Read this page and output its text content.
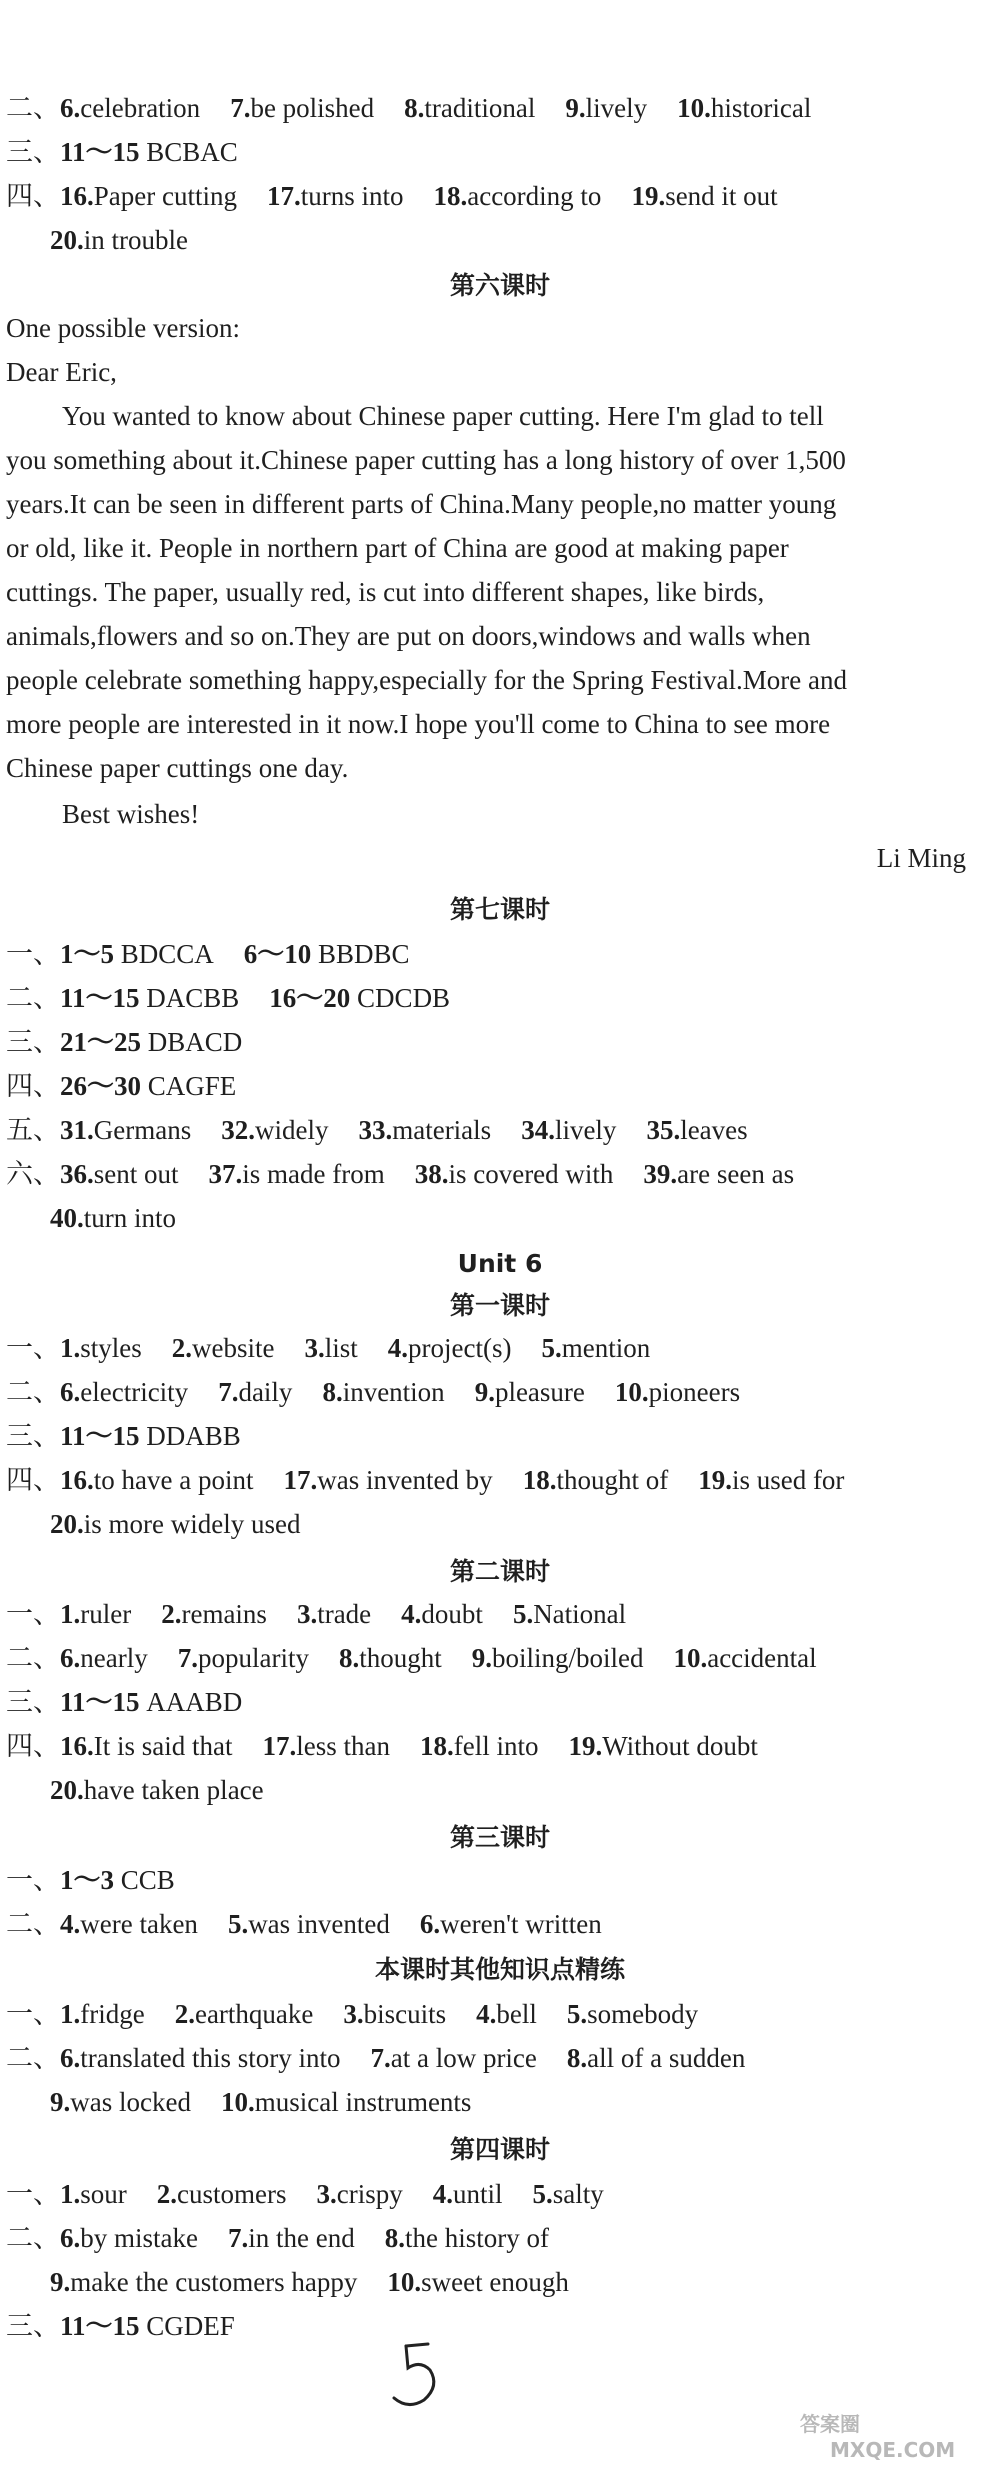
二、6.celebration 7.be polished 8.traditional 9.lively 10.historical
三、11～15 BCBAC
四、16.Paper cutting 17.turns into 18.according to 19.send it out
20.in trouble
第六课时
One possible version:
Dear Eric,
You wanted to know about Chinese paper cutting. Here I'm glad to tell
you something about it.Chinese paper cutting has a long history of over 1,500
years.It can be seen in different parts of China.Many people,no matter young
or old, like it. People in northern part of China are good at making paper
cuttings. The paper, usually red, is cut into different shapes, like birds,
animals,flowers and so on.They are put on doors,windows and walls when
people celebrate something happy,especially for the Spring Festival.More and
more people are interested in it now.I hope you'll come to China to see more
Chinese paper cuttings one day.
Best wishes!
Li Ming
第七课时
一、1～5 BDCCA 6～10 BBDBC
二、11～15 DACBB 16～20 CDCDB
三、21～25 DBACD
四、26～30 CAGFE
五、31.Germans 32.widely 33.materials 34.lively 35.leaves
六、36.sent out 37.is made from 38.is covered with 39.are seen as
40.turn into
Unit 6
第一课时
一、1.styles 2.website 3.list 4.project(s) 5.mention
二、6.electricity 7.daily 8.invention 9.pleasure 10.pioneers
三、11～15 DDABB
四、16.to have a point 17.was invented by 18.thought of 19.is used for
20.is more widely used
第二课时
一、1.ruler 2.remains 3.trade 4.doubt 5.National
二、6.nearly 7.popularity 8.thought 9.boiling/boiled 10.accidental
三、11～15 AAABD
四、16.It is said that 17.less than 18.fell into 19.Without doubt
20.have taken place
第三课时
一、1～3 CCB
二、4.were taken 5.was invented 6.weren't written
本课时其他知识点精练
一、1.fridge 2.earthquake 3.biscuits 4.bell 5.somebody
二、6.translated this story into 7.at a low price 8.all of a sudden
9.was locked 10.musical instruments
第四课时
一、1.sour 2.customers 3.crispy 4.until 5.salty
二、6.by mistake 7.in the end 8.the history of
9.make the customers happy 10.sweet enough
三、11～15 CGDEF
答案圈
MXQE.COM
